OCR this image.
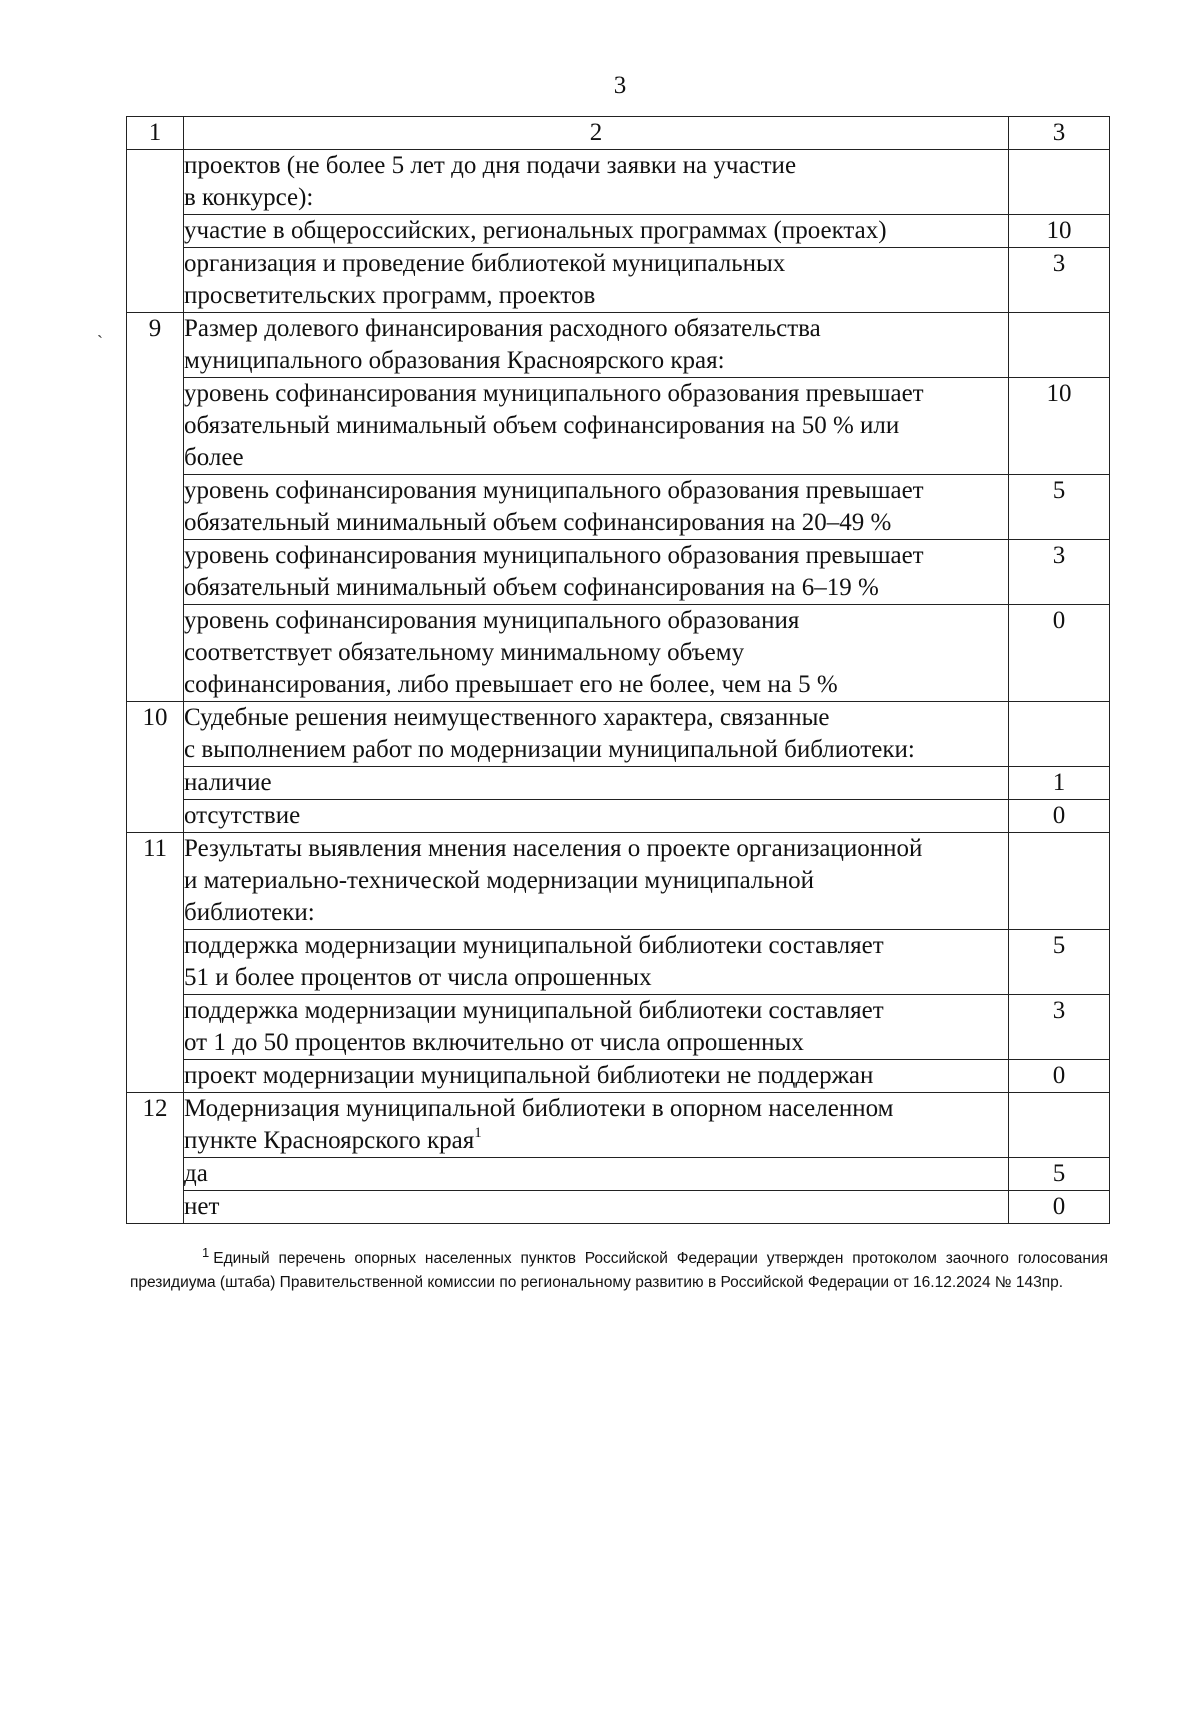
3
ˏ
1	2	3
	проектов (не более 5 лет до дня подачи заявки на участие
в конкурсе):	
	участие в общероссийских, региональных программах (проектах)	10
	организация и проведение библиотекой муниципальных
просветительских программ, проектов	3
9	Размер долевого финансирования расходного обязательства
муниципального образования Красноярского края:	
	уровень софинансирования муниципального образования превышает
обязательный минимальный объем софинансирования на 50 % или
более	10
	уровень софинансирования муниципального образования превышает
обязательный минимальный объем софинансирования на 20–49 %	5
	уровень софинансирования муниципального образования превышает
обязательный минимальный объем софинансирования на 6–19 %	3
	уровень софинансирования муниципального образования
соответствует обязательному минимальному объему
софинансирования, либо превышает его не более, чем на 5 %	0
10	Судебные решения неимущественного характера, связанные
с выполнением работ по модернизации муниципальной библиотеки:	
	наличие	1
	отсутствие	0
11	Результаты выявления мнения населения о проекте организационной
и материально-технической модернизации муниципальной
библиотеки:	
	поддержка модернизации муниципальной библиотеки составляет
51 и более процентов от числа опрошенных	5
	поддержка модернизации муниципальной библиотеки составляет
от 1 до 50 процентов включительно от числа опрошенных	3
	проект модернизации муниципальной библиотеки не поддержан	0
12	Модернизация муниципальной библиотеки в опорном населенном
пункте Красноярского края$^1$	
	да	5
	нет	0
$^1$ Единый перечень опорных населенных пунктов Российской Федерации утвержден протоколом заочного голосования президиума (штаба) Правительственной комиссии по региональному развитию в Российской Федерации от 16.12.2024 № 143пр.
